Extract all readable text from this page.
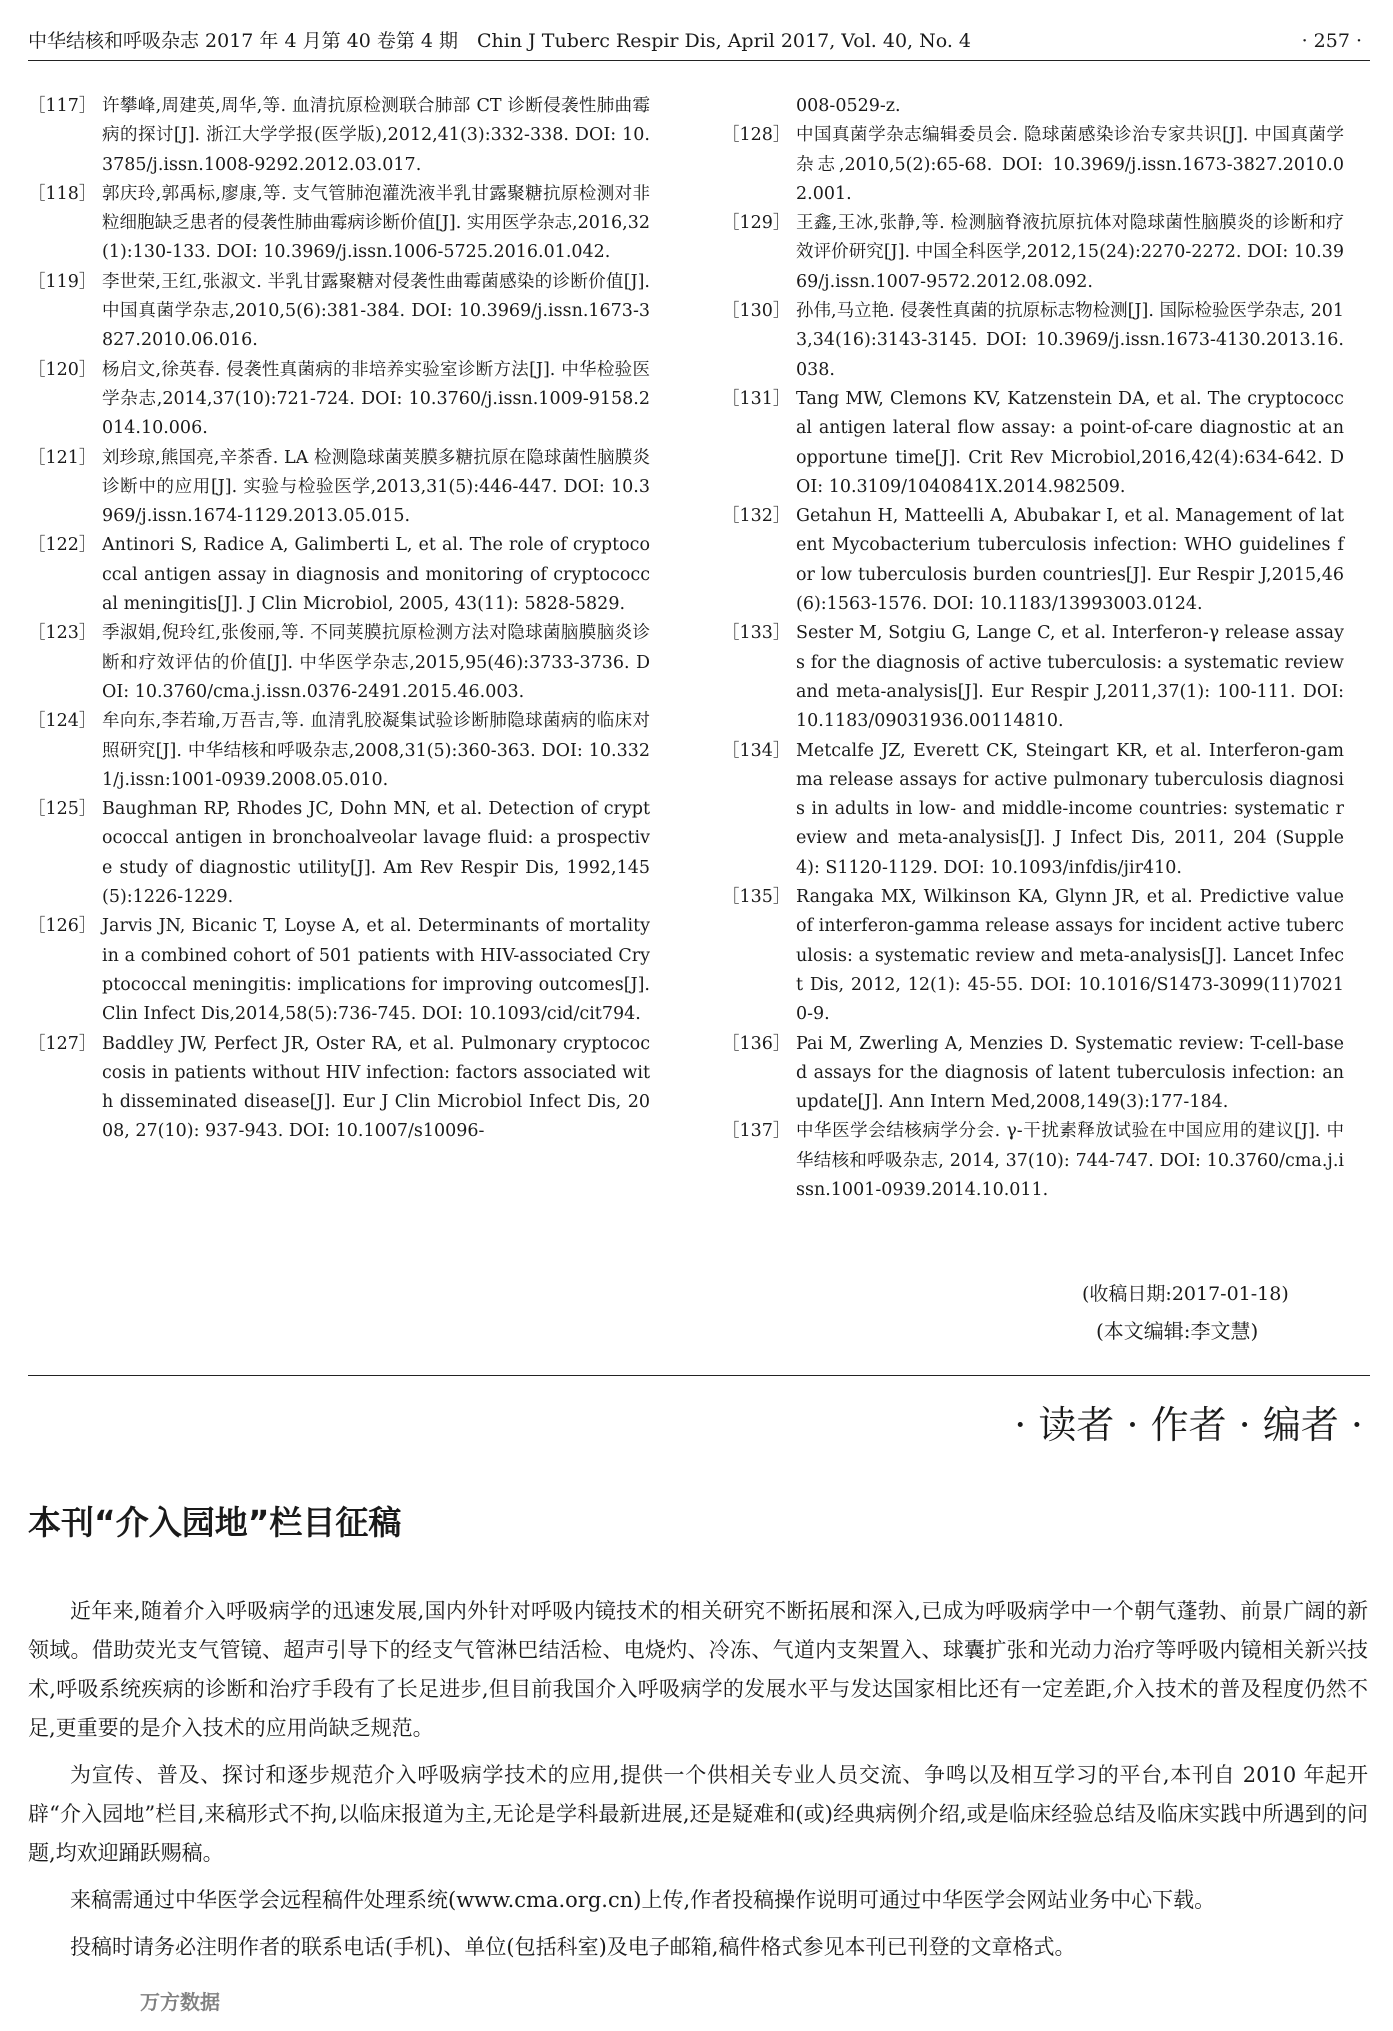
中华结核和呼吸杂志 2017 年 4 月第 40 卷第 4 期　Chin J Tuberc Respir Dis, April 2017, Vol. 40, No. 4	· 257 ·
［117］ 许攀峰,周建英,周华,等. 血清抗原检测联合肺部 CT 诊断侵袭性肺曲霉病的探讨[J]. 浙江大学学报(医学版),2012,41(3):332-338. DOI: 10.3785/j.issn.1008-9292.2012.03.017.
［118］ 郭庆玲,郭禹标,廖康,等. 支气管肺泡灌洗液半乳甘露聚糖抗原检测对非粒细胞缺乏患者的侵袭性肺曲霉病诊断价值[J]. 实用医学杂志,2016,32(1):130-133. DOI: 10.3969/j.issn.1006-5725.2016.01.042.
［119］ 李世荣,王红,张淑文. 半乳甘露聚糖对侵袭性曲霉菌感染的诊断价值[J]. 中国真菌学杂志,2010,5(6):381-384. DOI: 10.3969/j.issn.1673-3827.2010.06.016.
［120］ 杨启文,徐英春. 侵袭性真菌病的非培养实验室诊断方法[J]. 中华检验医学杂志,2014,37(10):721-724. DOI: 10.3760/j.issn.1009-9158.2014.10.006.
［121］ 刘珍琼,熊国亮,辛茶香. LA 检测隐球菌荚膜多糖抗原在隐球菌性脑膜炎诊断中的应用[J]. 实验与检验医学,2013,31(5):446-447. DOI: 10.3969/j.issn.1674-1129.2013.05.015.
［122］ Antinori S, Radice A, Galimberti L, et al. The role of cryptococcal antigen assay in diagnosis and monitoring of cryptococcal meningitis[J]. J Clin Microbiol, 2005, 43(11): 5828-5829.
［123］ 季淑娟,倪玲红,张俊丽,等. 不同荚膜抗原检测方法对隐球菌脑膜脑炎诊断和疗效评估的价值[J]. 中华医学杂志,2015,95(46):3733-3736. DOI: 10.3760/cma.j.issn.0376-2491.2015.46.003.
［124］ 牟向东,李若瑜,万吾吉,等. 血清乳胶凝集试验诊断肺隐球菌病的临床对照研究[J]. 中华结核和呼吸杂志,2008,31(5):360-363. DOI: 10.3321/j.issn:1001-0939.2008.05.010.
［125］ Baughman RP, Rhodes JC, Dohn MN, et al. Detection of cryptococcal antigen in bronchoalveolar lavage fluid: a prospective study of diagnostic utility[J]. Am Rev Respir Dis, 1992,145(5):1226-1229.
［126］ Jarvis JN, Bicanic T, Loyse A, et al. Determinants of mortality in a combined cohort of 501 patients with HIV-associated Cryptococcal meningitis: implications for improving outcomes[J]. Clin Infect Dis,2014,58(5):736-745. DOI: 10.1093/cid/cit794.
［127］ Baddley JW, Perfect JR, Oster RA, et al. Pulmonary cryptococcosis in patients without HIV infection: factors associated with disseminated disease[J]. Eur J Clin Microbiol Infect Dis, 2008, 27(10): 937-943. DOI: 10.1007/s10096-
008-0529-z.
［128］ 中国真菌学杂志编辑委员会. 隐球菌感染诊治专家共识[J]. 中国真菌学杂志,2010,5(2):65-68. DOI: 10.3969/j.issn.1673-3827.2010.02.001.
［129］ 王鑫,王冰,张静,等. 检测脑脊液抗原抗体对隐球菌性脑膜炎的诊断和疗效评价研究[J]. 中国全科医学,2012,15(24):2270-2272. DOI: 10.3969/j.issn.1007-9572.2012.08.092.
［130］ 孙伟,马立艳. 侵袭性真菌的抗原标志物检测[J]. 国际检验医学杂志, 2013,34(16):3143-3145. DOI: 10.3969/j.issn.1673-4130.2013.16.038.
［131］ Tang MW, Clemons KV, Katzenstein DA, et al. The cryptococcal antigen lateral flow assay: a point-of-care diagnostic at an opportune time[J]. Crit Rev Microbiol,2016,42(4):634-642. DOI: 10.3109/1040841X.2014.982509.
［132］ Getahun H, Matteelli A, Abubakar I, et al. Management of latent Mycobacterium tuberculosis infection: WHO guidelines for low tuberculosis burden countries[J]. Eur Respir J,2015,46(6):1563-1576. DOI: 10.1183/13993003.0124.
［133］ Sester M, Sotgiu G, Lange C, et al. Interferon-γ release assays for the diagnosis of active tuberculosis: a systematic review and meta-analysis[J]. Eur Respir J,2011,37(1): 100-111. DOI: 10.1183/09031936.00114810.
［134］ Metcalfe JZ, Everett CK, Steingart KR, et al. Interferon-gamma release assays for active pulmonary tuberculosis diagnosis in adults in low- and middle-income countries: systematic review and meta-analysis[J]. J Infect Dis, 2011, 204 (Supple 4): S1120-1129. DOI: 10.1093/infdis/jir410.
［135］ Rangaka MX, Wilkinson KA, Glynn JR, et al. Predictive value of interferon-gamma release assays for incident active tuberculosis: a systematic review and meta-analysis[J]. Lancet Infect Dis, 2012, 12(1): 45-55. DOI: 10.1016/S1473-3099(11)70210-9.
［136］ Pai M, Zwerling A, Menzies D. Systematic review: T-cell-based assays for the diagnosis of latent tuberculosis infection: an update[J]. Ann Intern Med,2008,149(3):177-184.
［137］ 中华医学会结核病学分会. γ-干扰素释放试验在中国应用的建议[J]. 中华结核和呼吸杂志, 2014, 37(10): 744-747. DOI: 10.3760/cma.j.issn.1001-0939.2014.10.011.
(收稿日期:2017-01-18)
(本文编辑:李文慧)
· 读者 · 作者 · 编者 ·
本刊“介入园地”栏目征稿

近年来,随着介入呼吸病学的迅速发展,国内外针对呼吸内镜技术的相关研究不断拓展和深入,已成为呼吸病学中一个朝气蓬勃、前景广阔的新领域。借助荧光支气管镜、超声引导下的经支气管淋巴结活检、电烧灼、冷冻、气道内支架置入、球囊扩张和光动力治疗等呼吸内镜相关新兴技术,呼吸系统疾病的诊断和治疗手段有了长足进步,但目前我国介入呼吸病学的发展水平与发达国家相比还有一定差距,介入技术的普及程度仍然不足,更重要的是介入技术的应用尚缺乏规范。

为宣传、普及、探讨和逐步规范介入呼吸病学技术的应用,提供一个供相关专业人员交流、争鸣以及相互学习的平台,本刊自 2010 年起开辟“介入园地”栏目,来稿形式不拘,以临床报道为主,无论是学科最新进展,还是疑难和(或)经典病例介绍,或是临床经验总结及临床实践中所遇到的问题,均欢迎踊跃赐稿。

来稿需通过中华医学会远程稿件处理系统(www.cma.org.cn)上传,作者投稿操作说明可通过中华医学会网站业务中心下载。

投稿时请务必注明作者的联系电话(手机)、单位(包括科室)及电子邮箱,稿件格式参见本刊已刊登的文章格式。

万方数据
